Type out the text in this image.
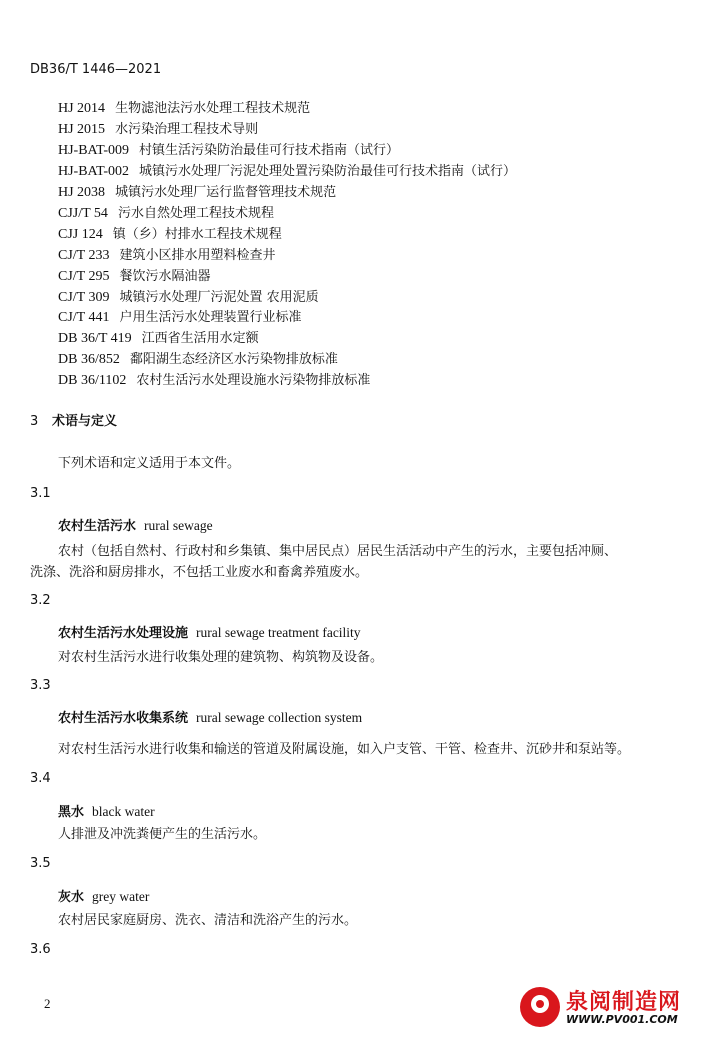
DB36/T 1446—2021
HJ 2014 生物滤池法污水处理工程技术规范
HJ 2015 水污染治理工程技术导则
HJ-BAT-009 村镇生活污染防治最佳可行技术指南（试行）
HJ-BAT-002 城镇污水处理厂污泥处理处置污染防治最佳可行技术指南（试行）
HJ 2038 城镇污水处理厂运行监督管理技术规范
CJJ/T 54 污水自然处理工程技术规程
CJJ 124 镇（乡）村排水工程技术规程
CJ/T 233 建筑小区排水用塑料检查井
CJ/T 295 餐饮污水隔油器
CJ/T 309 城镇污水处理厂污泥处置 农用泥质
CJ/T 441 户用生活污水处理装置行业标准
DB 36/T 419 江西省生活用水定额
DB 36/852 鄱阳湖生态经济区水污染物排放标准
DB 36/1102 农村生活污水处理设施水污染物排放标准
3 术语与定义
下列术语和定义适用于本文件。
3.1
农村生活污水 rural sewage
农村（包括自然村、行政村和乡集镇、集中居民点）居民生活活动中产生的污水，主要包括冲厕、
洗涤、洗浴和厨房排水，不包括工业废水和畜禽养殖废水。
3.2
农村生活污水处理设施 rural sewage treatment facility
对农村生活污水进行收集处理的建筑物、构筑物及设备。
3.3
农村生活污水收集系统 rural sewage collection system
对农村生活污水进行收集和输送的管道及附属设施，如入户支管、干管、检查井、沉砂井和泵站等。
3.4
黑水 black water
人排泄及冲洗粪便产生的生活污水。
3.5
灰水 grey water
农村居民家庭厨房、洗衣、清洁和洗浴产生的污水。
3.6
2	泉阅制造网
WWW.PV001.COM
